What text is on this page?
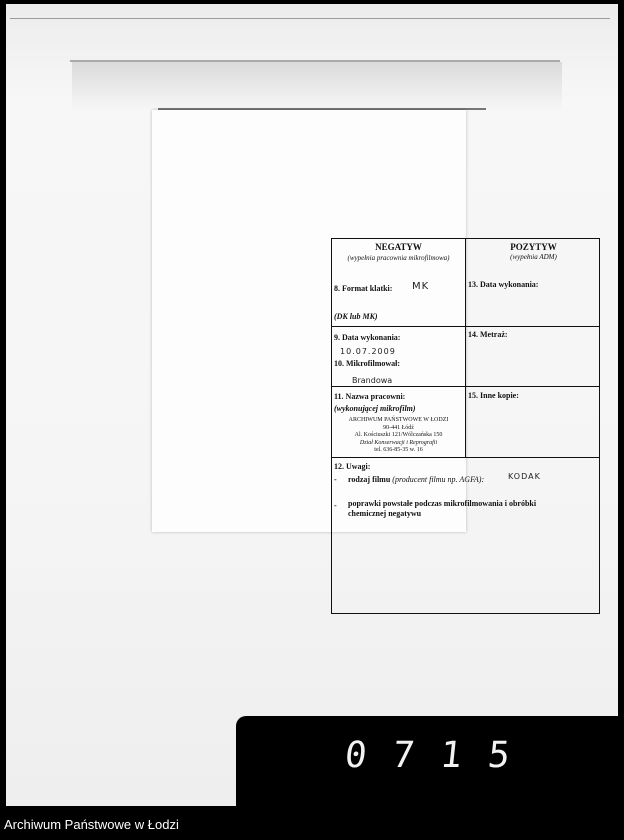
NEGATYW
(wypełnia pracownia mikrofilmowa)
POZYTYW
(wypełnia ADM)
8. Format klatki: MK
(DK lub MK)
13. Data wykonania:
9. Data wykonania:
10.07.2009
10. Mikrofilmował:
Brandowa
14. Metraż:
11. Nazwa pracowni:
(wykonującej mikrofilm)
15. Inne kopie:
ARCHIWUM PAŃSTWOWE W ŁODZI
90-441 Łódź
Al. Kościuszki 121/Wólczańska 150
Dział Konserwacji i Reprografii
tel. 636-85-35 w. 16
12. Uwagi:
- rodzaj filmu (producent filmu np. AGFA):	KODAK
- poprawki powstałe podczas mikrofilmowania i obróbki
chemicznej negatywu
0715
Archiwum Państwowe w Łodzi
